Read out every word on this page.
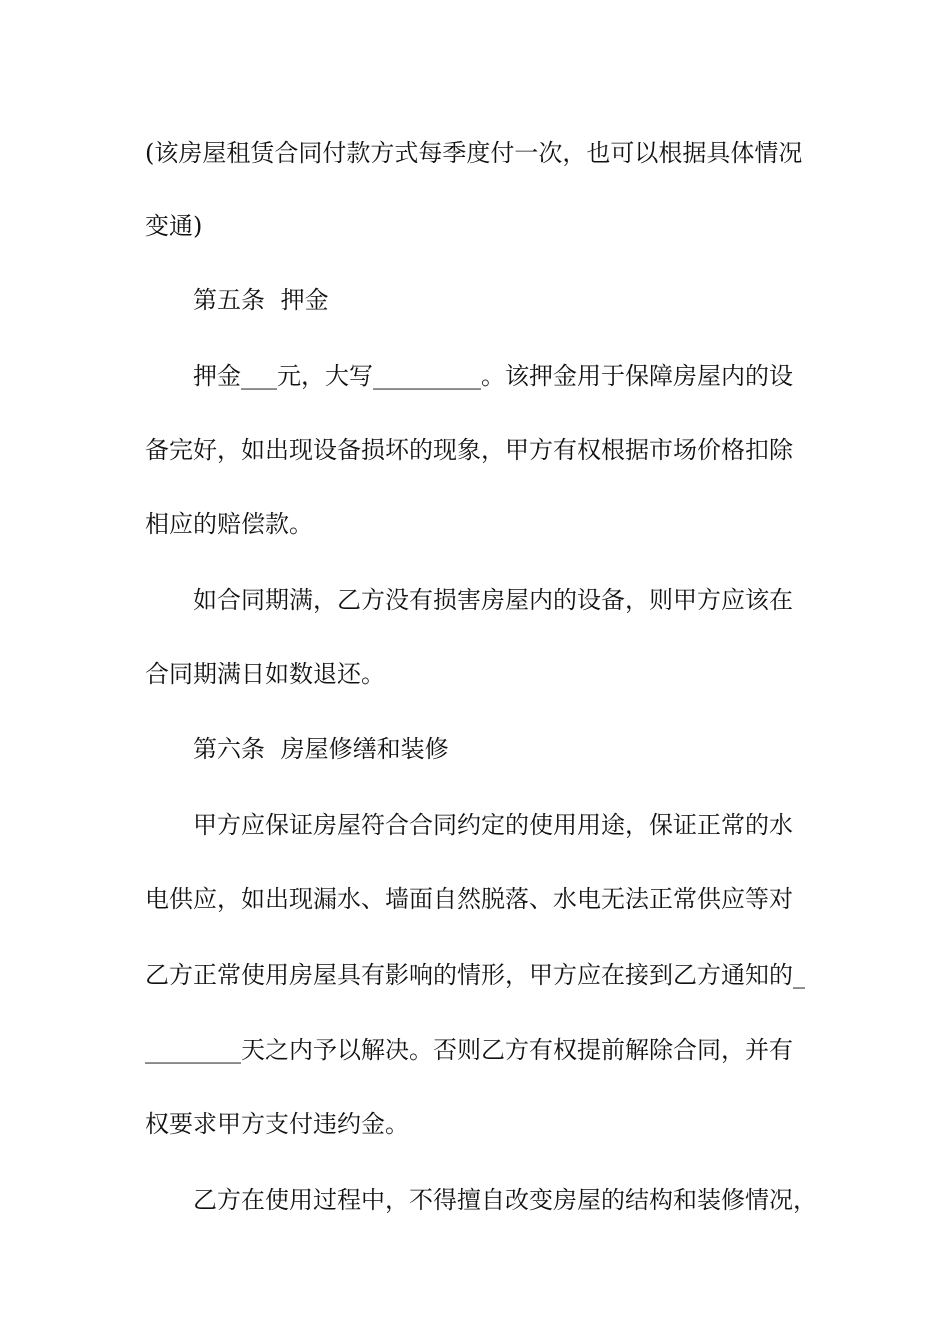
(该房屋租赁合同付款方式每季度付一次，也可以根据具体情况
变通)
第五条 押金
押金___元，大写_________。该押金用于保障房屋内的设
备完好，如出现设备损坏的现象，甲方有权根据市场价格扣除
相应的赔偿款。
如合同期满，乙方没有损害房屋内的设备，则甲方应该在
合同期满日如数退还。
第六条 房屋修缮和装修
甲方应保证房屋符合合同约定的使用用途，保证正常的水
电供应，如出现漏水、墙面自然脱落、水电无法正常供应等对
乙方正常使用房屋具有影响的情形，甲方应在接到乙方通知的_
________天之内予以解决。否则乙方有权提前解除合同，并有
权要求甲方支付违约金。
乙方在使用过程中，不得擅自改变房屋的结构和装修情况，
